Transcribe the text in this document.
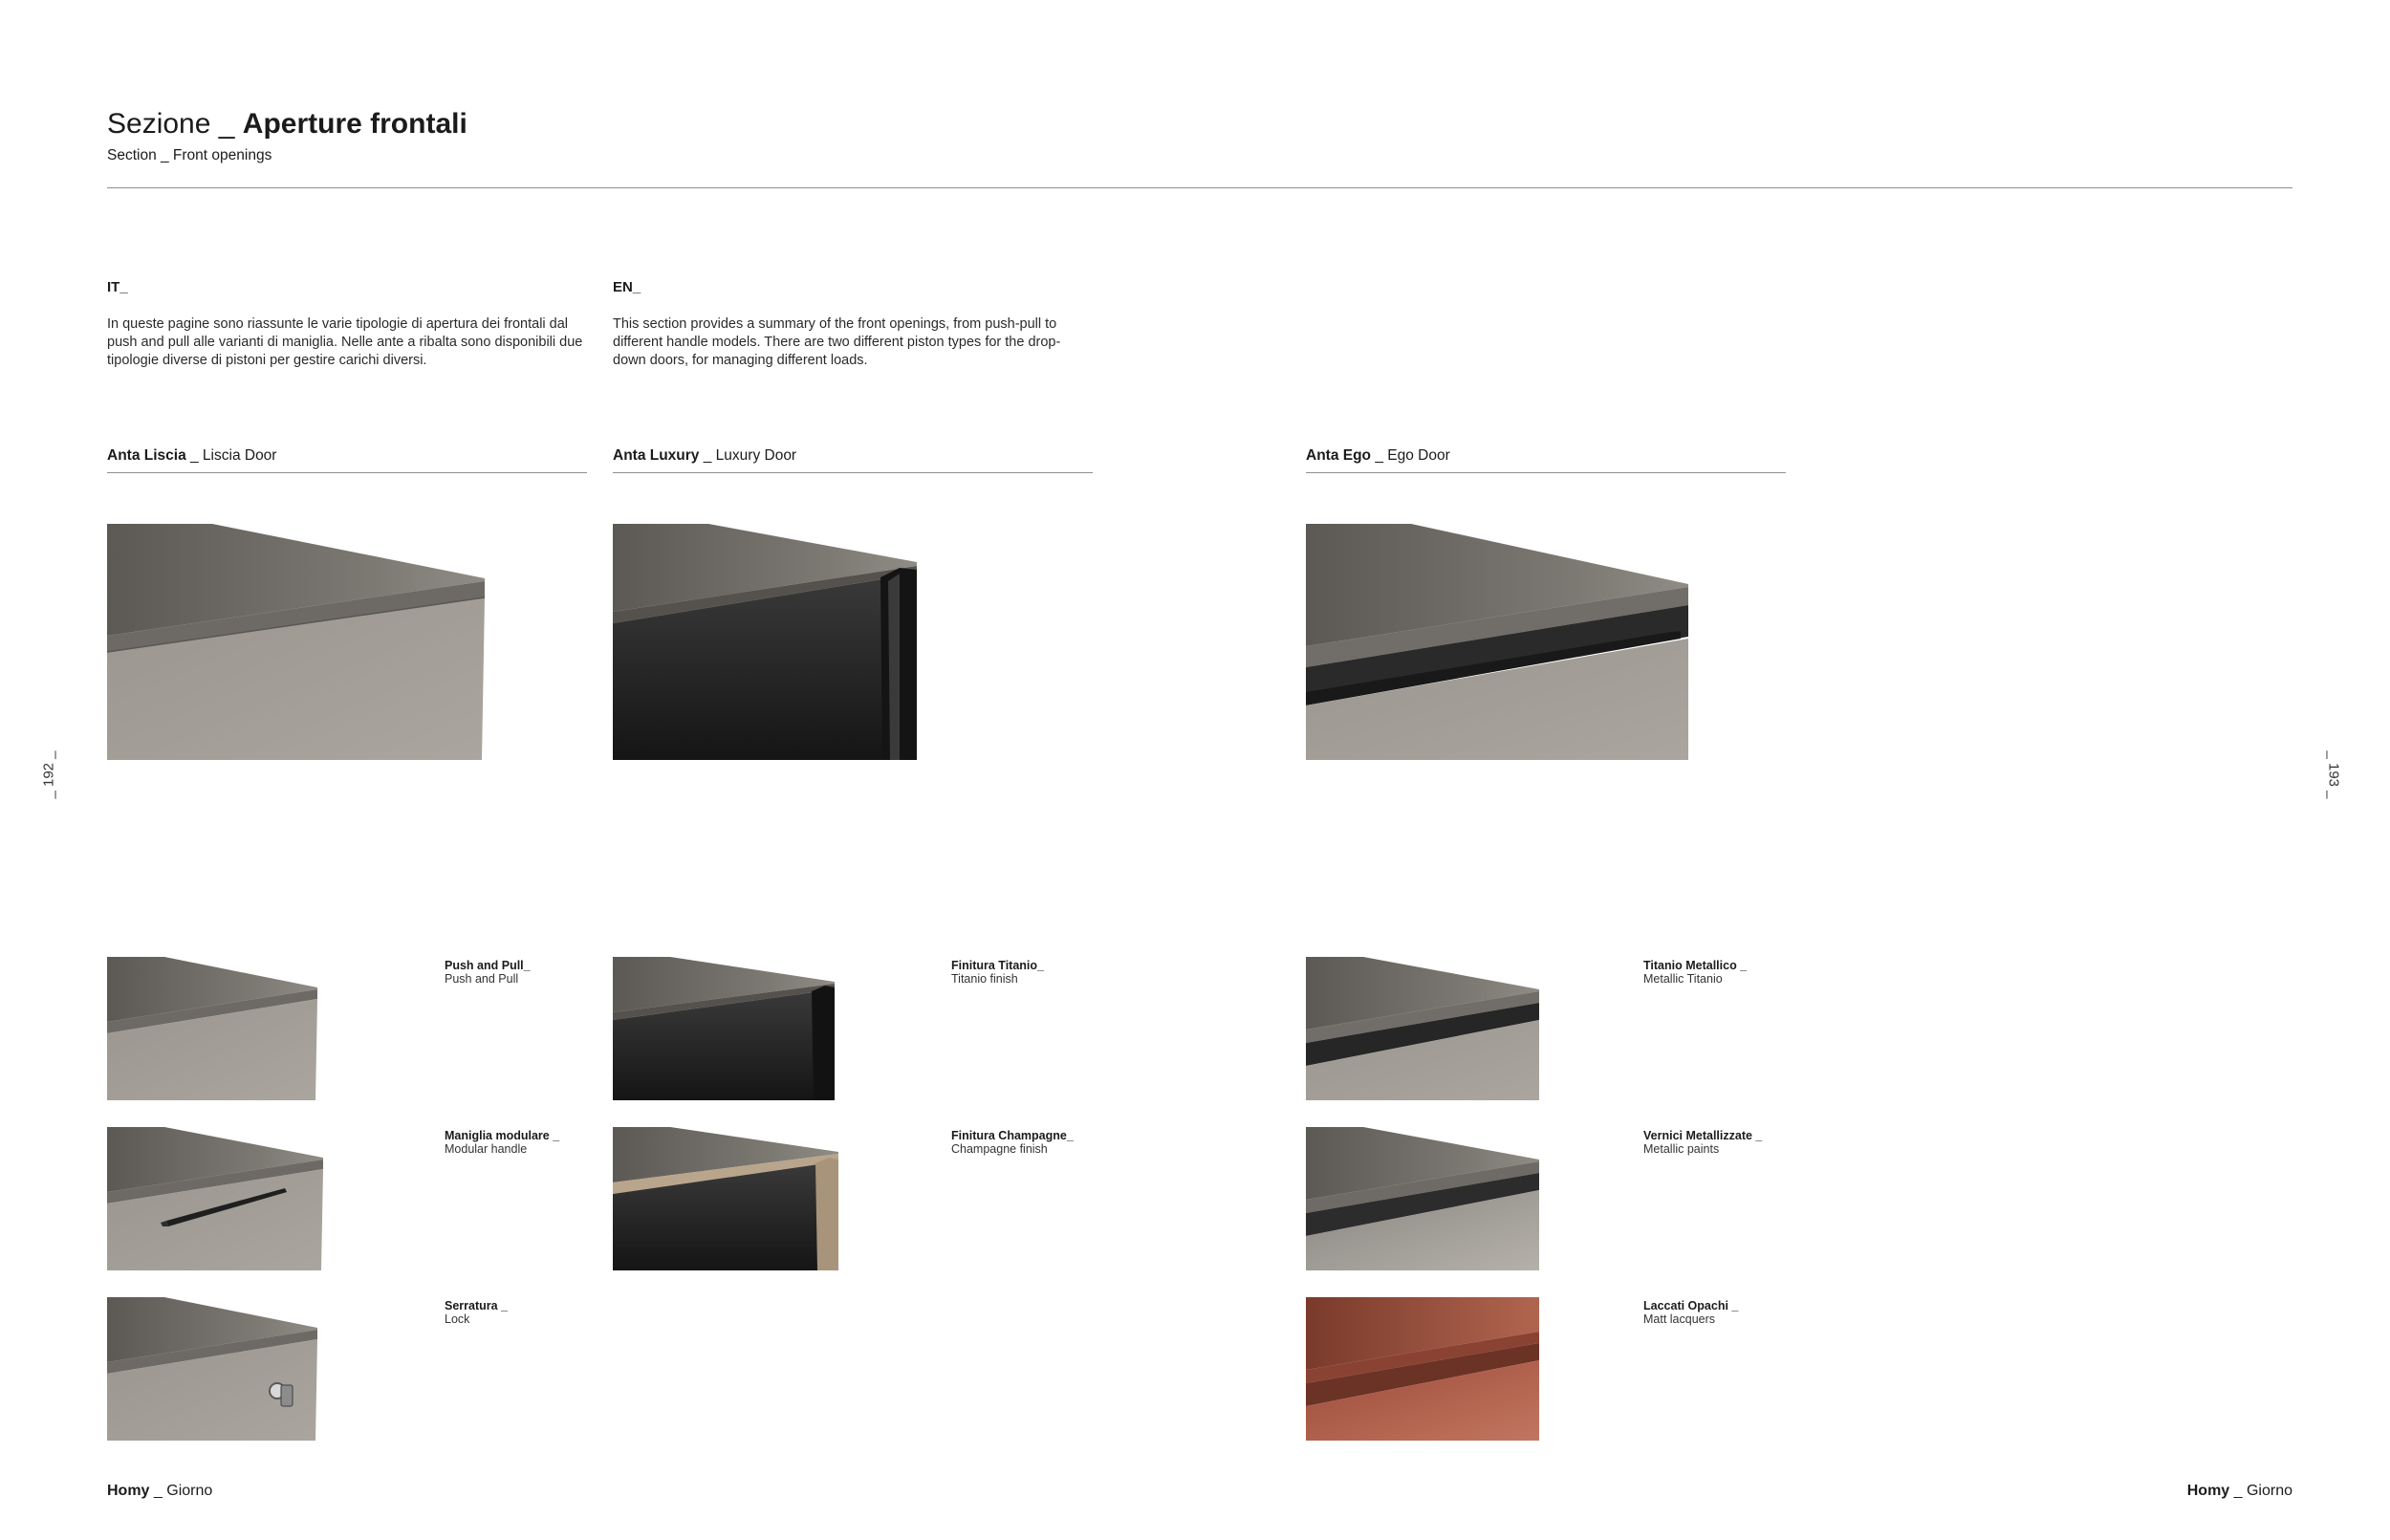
Sezione _ Aperture frontali
Section _ Front openings
IT_
In queste pagine sono riassunte le varie tipologie di apertura dei frontali dal push and pull alle varianti di maniglia. Nelle ante a ribalta sono disponibili due tipologie diverse di pistoni per gestire carichi diversi.
EN_
This section provides a summary of the front openings, from push-pull to different handle models. There are two different piston types for the drop-down doors, for managing different loads.
Anta Liscia _ Liscia Door	Anta Luxury _ Luxury Door	Anta Ego _ Ego Door
Push and Pull_
Push and Pull
Maniglia modulare _
Modular handle
Serratura _
Lock
Finitura Titanio_
Titanio finish
Finitura Champagne_
Champagne finish
Titanio Metallico _
Metallic Titanio
Vernici Metallizzate _
Metallic paints
Laccati Opachi _
Matt lacquers
_ 192 _	_ 193 _
Homy _ Giorno	Homy _ Giorno
